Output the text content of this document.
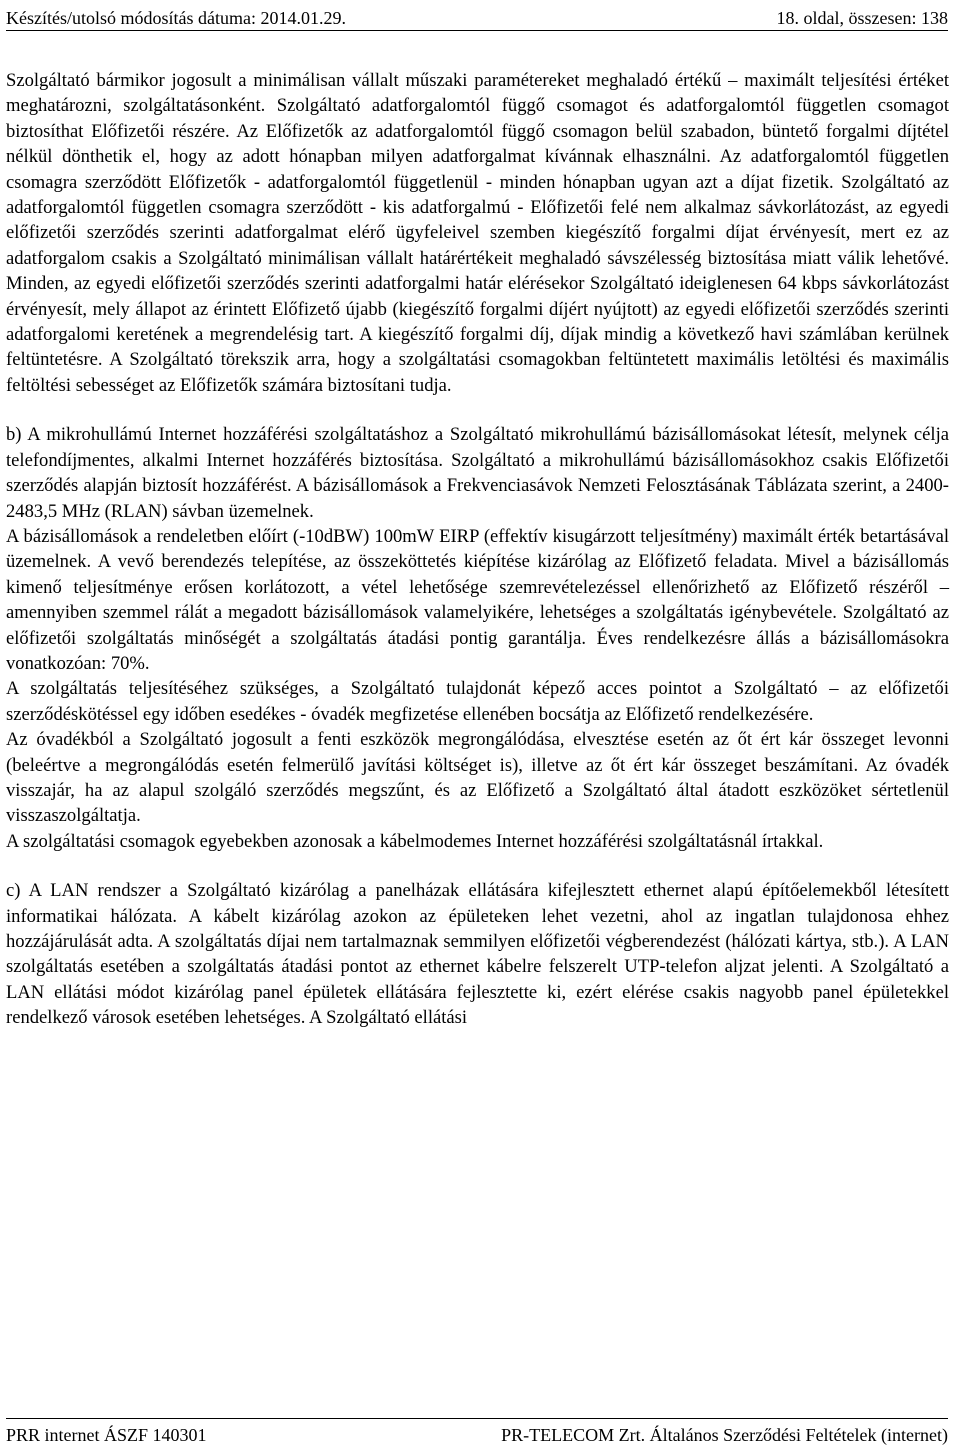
Készítés/utolsó módosítás dátuma: 2014.01.29.	18. oldal, összesen: 138

Szolgáltató bármikor jogosult a minimálisan vállalt műszaki paramétereket meghaladó értékű – maximált teljesítési értéket meghatározni, szolgáltatásonként. Szolgáltató adatforgalomtól függő csomagot és adatforgalomtól független csomagot biztosíthat Előfizetői részére. Az Előfizetők az adatforgalomtól függő csomagon belül szabadon, büntető forgalmi díjtétel nélkül dönthetik el, hogy az adott hónapban milyen adatforgalmat kívánnak elhasználni. Az adatforgalomtól független csomagra szerződött Előfizetők - adatforgalomtól függetlenül - minden hónapban ugyan azt a díjat fizetik. Szolgáltató az adatforgalomtól független csomagra szerződött - kis adatforgalmú - Előfizetői felé nem alkalmaz sávkorlátozást, az egyedi előfizetői szerződés szerinti adatforgalmat elérő ügyfeleivel szemben kiegészítő forgalmi díjat érvényesít, mert ez az adatforgalom csakis a Szolgáltató minimálisan vállalt határértékeit meghaladó sávszélesség biztosítása miatt válik lehetővé. Minden, az egyedi előfizetői szerződés szerinti adatforgalmi határ elérésekor Szolgáltató ideiglenesen 64 kbps sávkorlátozást érvényesít, mely állapot az érintett Előfizető újabb (kiegészítő forgalmi díjért nyújtott) az egyedi előfizetői szerződés szerinti adatforgalomi keretének a megrendelésig tart. A kiegészítő forgalmi díj, díjak mindig a következő havi számlában kerülnek feltüntetésre. A Szolgáltató törekszik arra, hogy a szolgáltatási csomagokban feltüntetett maximális letöltési és maximális feltöltési sebességet az Előfizetők számára biztosítani tudja.

b) A mikrohullámú Internet hozzáférési szolgáltatáshoz a Szolgáltató mikrohullámú bázisállomásokat létesít, melynek célja telefondíjmentes, alkalmi Internet hozzáférés biztosítása. Szolgáltató a mikrohullámú bázisállomásokhoz csakis Előfizetői szerződés alapján biztosít hozzáférést. A bázisállomások a Frekvenciasávok Nemzeti Felosztásának Táblázata szerint, a 2400-2483,5 MHz (RLAN) sávban üzemelnek.

A bázisállomások a rendeletben előírt (-10dBW) 100mW EIRP (effektív kisugárzott teljesítmény) maximált érték betartásával üzemelnek. A vevő berendezés telepítése, az összeköttetés kiépítése kizárólag az Előfizető feladata. Mivel a bázisállomás kimenő teljesítménye erősen korlátozott, a vétel lehetősége szemrevételezéssel ellenőrizhető az Előfizető részéről – amennyiben szemmel rálát a megadott bázisállomások valamelyikére, lehetséges a szolgáltatás igénybevétele. Szolgáltató az előfizetői szolgáltatás minőségét a szolgáltatás átadási pontig garantálja. Éves rendelkezésre állás a bázisállomásokra vonatkozóan: 70%.

A szolgáltatás teljesítéséhez szükséges, a Szolgáltató tulajdonát képező acces pointot a Szolgáltató – az előfizetői szerződéskötéssel egy időben esedékes - óvadék megfizetése ellenében bocsátja az Előfizető rendelkezésére.

Az óvadékból a Szolgáltató jogosult a fenti eszközök megrongálódása, elvesztése esetén az őt ért kár összeget levonni (beleértve a megrongálódás esetén felmerülő javítási költséget is), illetve az őt ért kár összeget beszámítani. Az óvadék visszajár, ha az alapul szolgáló szerződés megszűnt, és az Előfizető a Szolgáltató által átadott eszközöket sértetlenül visszaszolgáltatja.

A szolgáltatási csomagok egyebekben azonosak a kábelmodemes Internet hozzáférési szolgáltatásnál írtakkal.

c) A LAN rendszer a Szolgáltató kizárólag a panelházak ellátására kifejlesztett ethernet alapú építőelemekből létesített informatikai hálózata. A kábelt kizárólag azokon az épületeken lehet vezetni, ahol az ingatlan tulajdonosa ehhez hozzájárulását adta. A szolgáltatás díjai nem tartalmaznak semmilyen előfizetői végberendezést (hálózati kártya, stb.). A LAN szolgáltatás esetében a szolgáltatás átadási pontot az ethernet kábelre felszerelt UTP-telefon aljzat jelenti. A Szolgáltató a LAN ellátási módot kizárólag panel épületek ellátására fejlesztette ki, ezért elérése csakis nagyobb panel épületekkel rendelkező városok esetében lehetséges. A Szolgáltató ellátási

PRR internet ÁSZF 140301	PR-TELECOM Zrt. Általános Szerződési Feltételek (internet)
